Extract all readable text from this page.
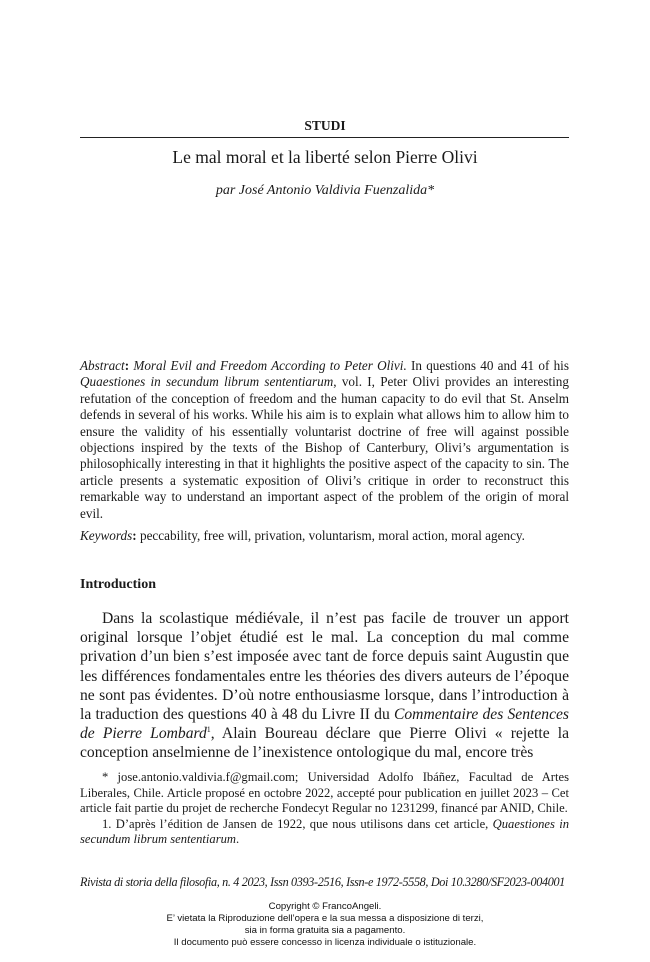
STUDI
Le mal moral et la liberté selon Pierre Olivi
par José Antonio Valdivia Fuenzalida*
Abstract: Moral Evil and Freedom According to Peter Olivi. In questions 40 and 41 of his Quaestiones in secundum librum sententiarum, vol. I, Peter Olivi provides an interesting refutation of the conception of freedom and the human capacity to do evil that St. Anselm defends in several of his works. While his aim is to explain what allows him to allow him to ensure the validity of his essentially voluntarist doctrine of free will against possible objections inspired by the texts of the Bishop of Canterbury, Olivi’s argumentation is philosophically interesting in that it highlights the positive aspect of the capacity to sin. The article presents a systematic exposition of Olivi’s critique in order to reconstruct this remarkable way to understand an important aspect of the problem of the origin of moral evil.
Keywords: peccability, free will, privation, voluntarism, moral action, moral agency.
Introduction
Dans la scolastique médiévale, il n’est pas facile de trouver un apport original lorsque l’objet étudié est le mal. La conception du mal comme privation d’un bien s’est imposée avec tant de force depuis saint Augustin que les différences fondamentales entre les théories des divers auteurs de l’époque ne sont pas évidentes. D’où notre enthousiasme lorsque, dans l’introduction à la traduction des questions 40 à 48 du Livre II du Commentaire des Sentences de Pierre Lombard$^1$, Alain Boureau déclare que Pierre Olivi « rejette la conception anselmienne de l’inexistence ontologique du mal, encore très
* jose.antonio.valdivia.f@gmail.com; Universidad Adolfo Ibáñez, Facultad de Artes Liberales, Chile. Article proposé en octobre 2022, accepté pour publication en juillet 2023 – Cet article fait partie du projet de recherche Fondecyt Regular no 1231299, financé par ANID, Chile.
1. D’après l’édition de Jansen de 1922, que nous utilisons dans cet article, Quaestiones in secundum librum sententiarum.
Rivista di storia della filosofia, n. 4 2023, Issn 0393-2516, Issn-e 1972-5558, Doi 10.3280/SF2023-004001
Copyright © FrancoAngeli.
E’ vietata la Riproduzione dell’opera e la sua messa a disposizione di terzi,
sia in forma gratuita sia a pagamento.
Il documento può essere concesso in licenza individuale o istituzionale.
